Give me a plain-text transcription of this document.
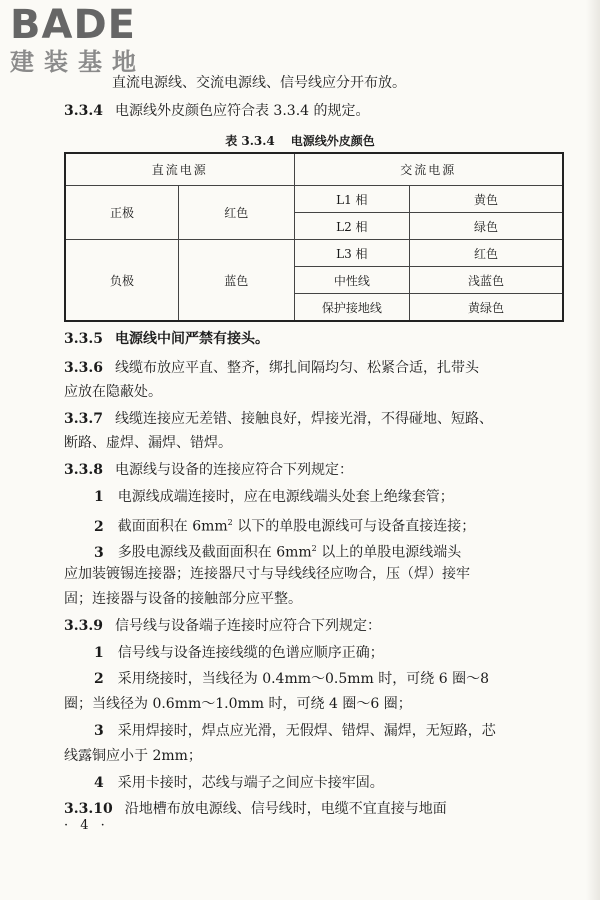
BADE
建装基地
直流电源线、交流电源线、信号线应分开布放。
3.3.4 电源线外皮颜色应符合表 3.3.4 的规定。
表 3.3.4 电源线外皮颜色
直流电源		交流电源	
正极	红色	L1 相	黄色
		L2 相	绿色
负极	蓝色	L3 相	红色
		中性线	浅蓝色
		保护接地线	黄绿色
3.3.5 电源线中间严禁有接头。
3.3.6 线缆布放应平直、整齐，绑扎间隔均匀、松紧合适，扎带头
应放在隐蔽处。
3.3.7 线缆连接应无差错、接触良好，焊接光滑，不得碰地、短路、
断路、虚焊、漏焊、错焊。
3.3.8 电源线与设备的连接应符合下列规定：
1 电源线成端连接时，应在电源线端头处套上绝缘套管；
2 截面面积在 $6mm^2$ 以下的单股电源线可与设备直接连接；
3 多股电源线及截面面积在 $6mm^2$ 以上的单股电源线端头
应加装镀锡连接器；连接器尺寸与导线线径应吻合，压（焊）接牢
固；连接器与设备的接触部分应平整。
3.3.9 信号线与设备端子连接时应符合下列规定：
1 信号线与设备连接线缆的色谱应顺序正确；
2 采用绕接时，当线径为 0.4mm～0.5mm 时，可绕 6 圈～8
圈；当线径为 0.6mm～1.0mm 时，可绕 4 圈～6 圈；
3 采用焊接时，焊点应光滑，无假焊、错焊、漏焊，无短路，芯
线露铜应小于 2mm；
4 采用卡接时，芯线与端子之间应卡接牢固。
3.3.10 沿地槽布放电源线、信号线时，电缆不宜直接与地面
· 4 ·
